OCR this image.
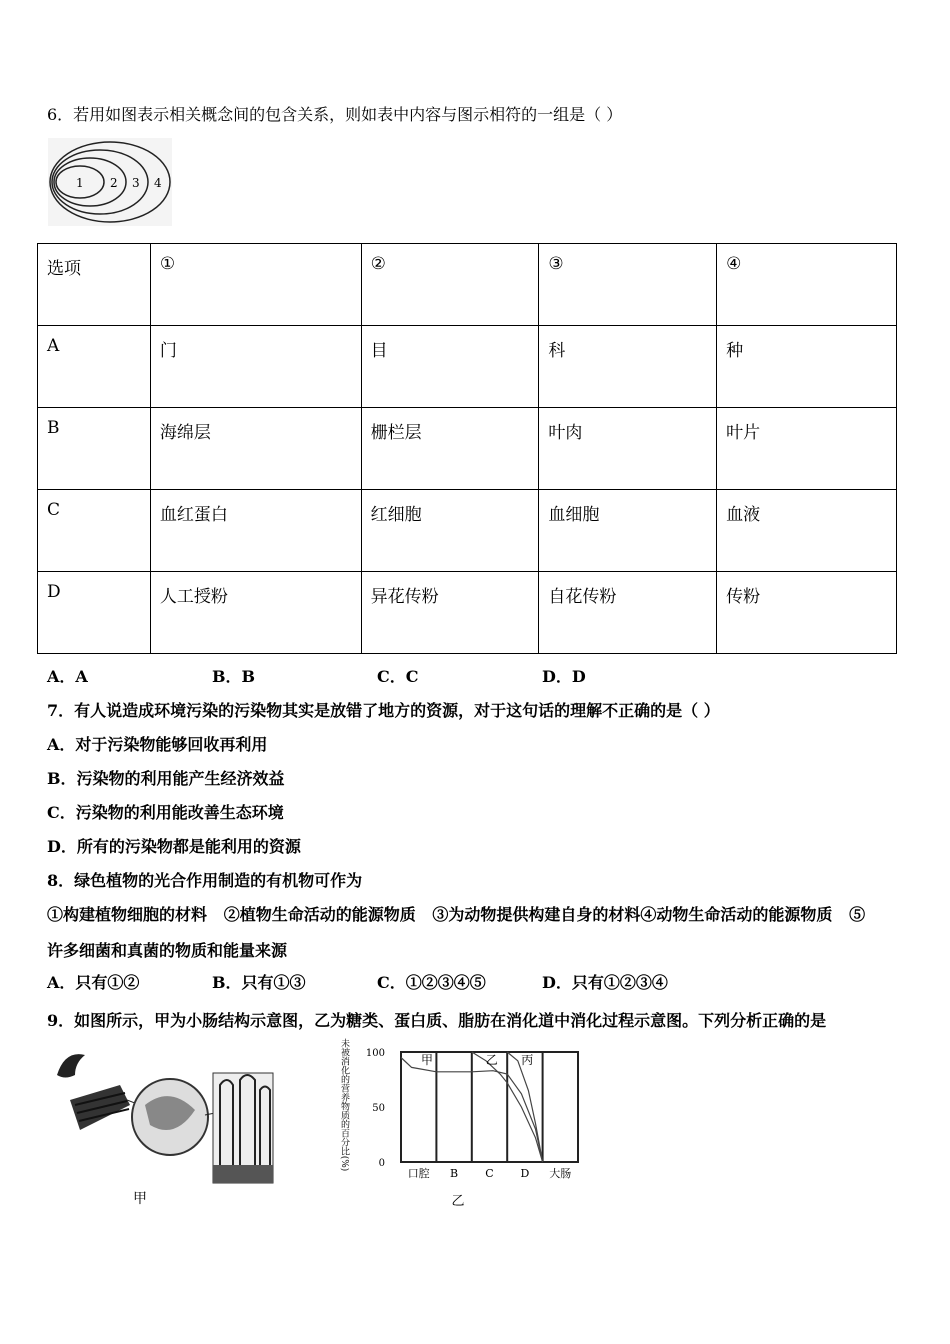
6．若用如图表示相关概念间的包含关系，则如表中内容与图示相符的一组是（ ）
1 2 3 4
选项	①	②	③	④
A	门	目	科	种
B	海绵层	栅栏层	叶肉	叶片
C	血红蛋白	红细胞	血细胞	血液
D	人工授粉	异花传粉	自花传粉	传粉
A．A	B．B	C．C	D．D
7．有人说造成环境污染的污染物其实是放错了地方的资源，对于这句话的理解不正确的是（ ）
A．对于污染物能够回收再利用
B．污染物的利用能产生经济效益
C．污染物的利用能改善生态环境
D．所有的污染物都是能利用的资源
8．绿色植物的光合作用制造的有机物可作为
①构建植物细胞的材料   ②植物生命活动的能源物质   ③为动物提供构建自身的材料④动物生命活动的能源物质   ⑤
许多细菌和真菌的物质和能量来源
A．只有①②	B．只有①③	C．①②③④⑤	D．只有①②③④
9．如图所示，甲为小肠结构示意图，乙为糖类、蛋白质、脂肪在消化道中消化过程示意图。下列分析正确的是
甲
100
50
0
未被消化的营养物质的百分比(%)
乙
口腔 B C D 大肠
甲	乙 丙
